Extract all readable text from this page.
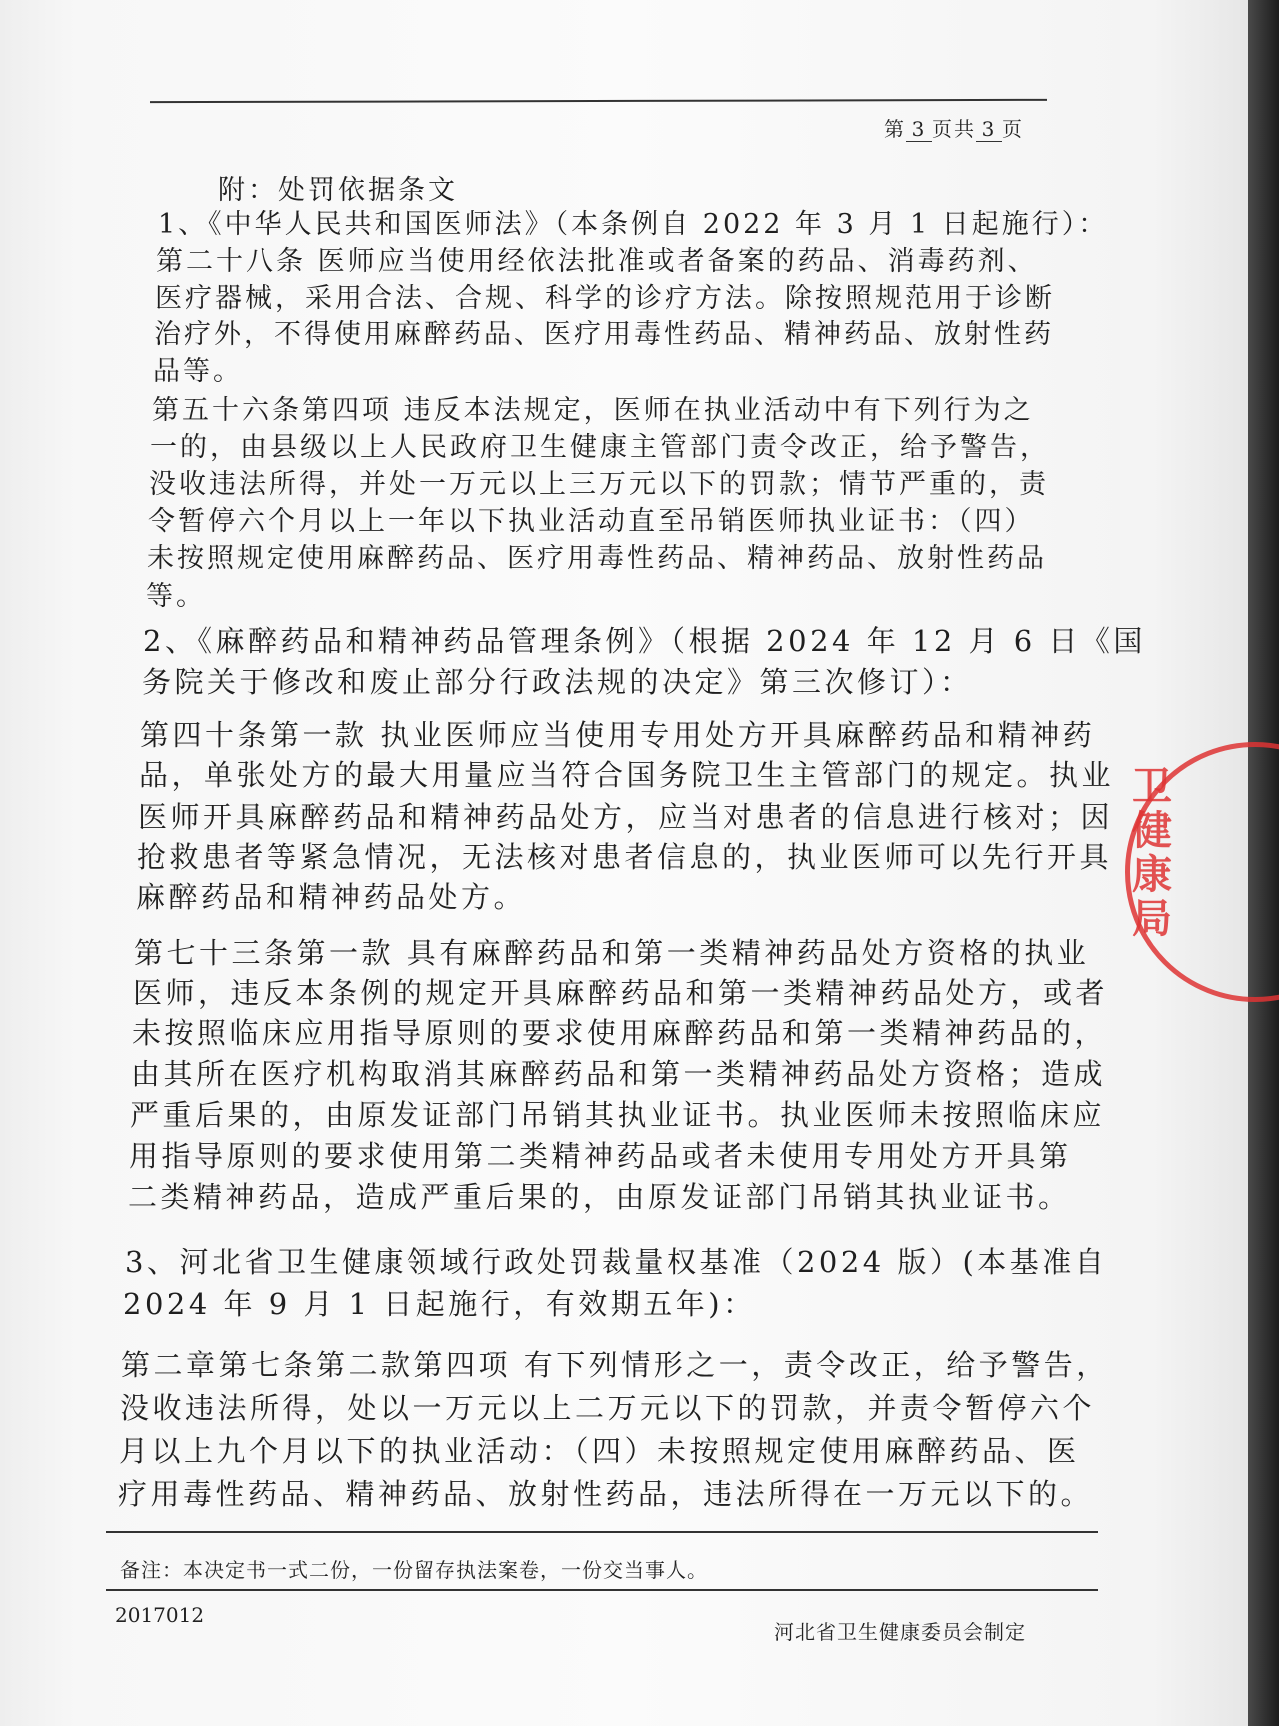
第 3 页共 3 页
附：处罚依据条文
1、《中华人民共和国医师法》（本条例自 2022 年 3 月 1 日起施行）：
第二十八条 医师应当使用经依法批准或者备案的药品、消毒药剂、
医疗器械，采用合法、合规、科学的诊疗方法。除按照规范用于诊断
治疗外，不得使用麻醉药品、医疗用毒性药品、精神药品、放射性药
品等。
第五十六条第四项 违反本法规定，医师在执业活动中有下列行为之
一的，由县级以上人民政府卫生健康主管部门责令改正，给予警告，
没收违法所得，并处一万元以上三万元以下的罚款；情节严重的，责
令暂停六个月以上一年以下执业活动直至吊销医师执业证书：（四）
未按照规定使用麻醉药品、医疗用毒性药品、精神药品、放射性药品
等。
2、《麻醉药品和精神药品管理条例》（根据 2024 年 12 月 6 日《国
务院关于修改和废止部分行政法规的决定》第三次修订）：
第四十条第一款 执业医师应当使用专用处方开具麻醉药品和精神药
品，单张处方的最大用量应当符合国务院卫生主管部门的规定。执业
医师开具麻醉药品和精神药品处方，应当对患者的信息进行核对；因
抢救患者等紧急情况，无法核对患者信息的，执业医师可以先行开具
麻醉药品和精神药品处方。
第七十三条第一款 具有麻醉药品和第一类精神药品处方资格的执业
医师，违反本条例的规定开具麻醉药品和第一类精神药品处方，或者
未按照临床应用指导原则的要求使用麻醉药品和第一类精神药品的，
由其所在医疗机构取消其麻醉药品和第一类精神药品处方资格；造成
严重后果的，由原发证部门吊销其执业证书。执业医师未按照临床应
用指导原则的要求使用第二类精神药品或者未使用专用处方开具第
二类精神药品，造成严重后果的，由原发证部门吊销其执业证书。
3、河北省卫生健康领域行政处罚裁量权基准（2024 版）(本基准自
2024 年 9 月 1 日起施行，有效期五年)：
第二章第七条第二款第四项 有下列情形之一，责令改正，给予警告，
没收违法所得，处以一万元以上二万元以下的罚款，并责令暂停六个
月以上九个月以下的执业活动：（四）未按照规定使用麻醉药品、医
疗用毒性药品、精神药品、放射性药品，违法所得在一万元以下的。
备注：本决定书一式二份，一份留存执法案卷，一份交当事人。
2017012
河北省卫生健康委员会制定
卫健康局
